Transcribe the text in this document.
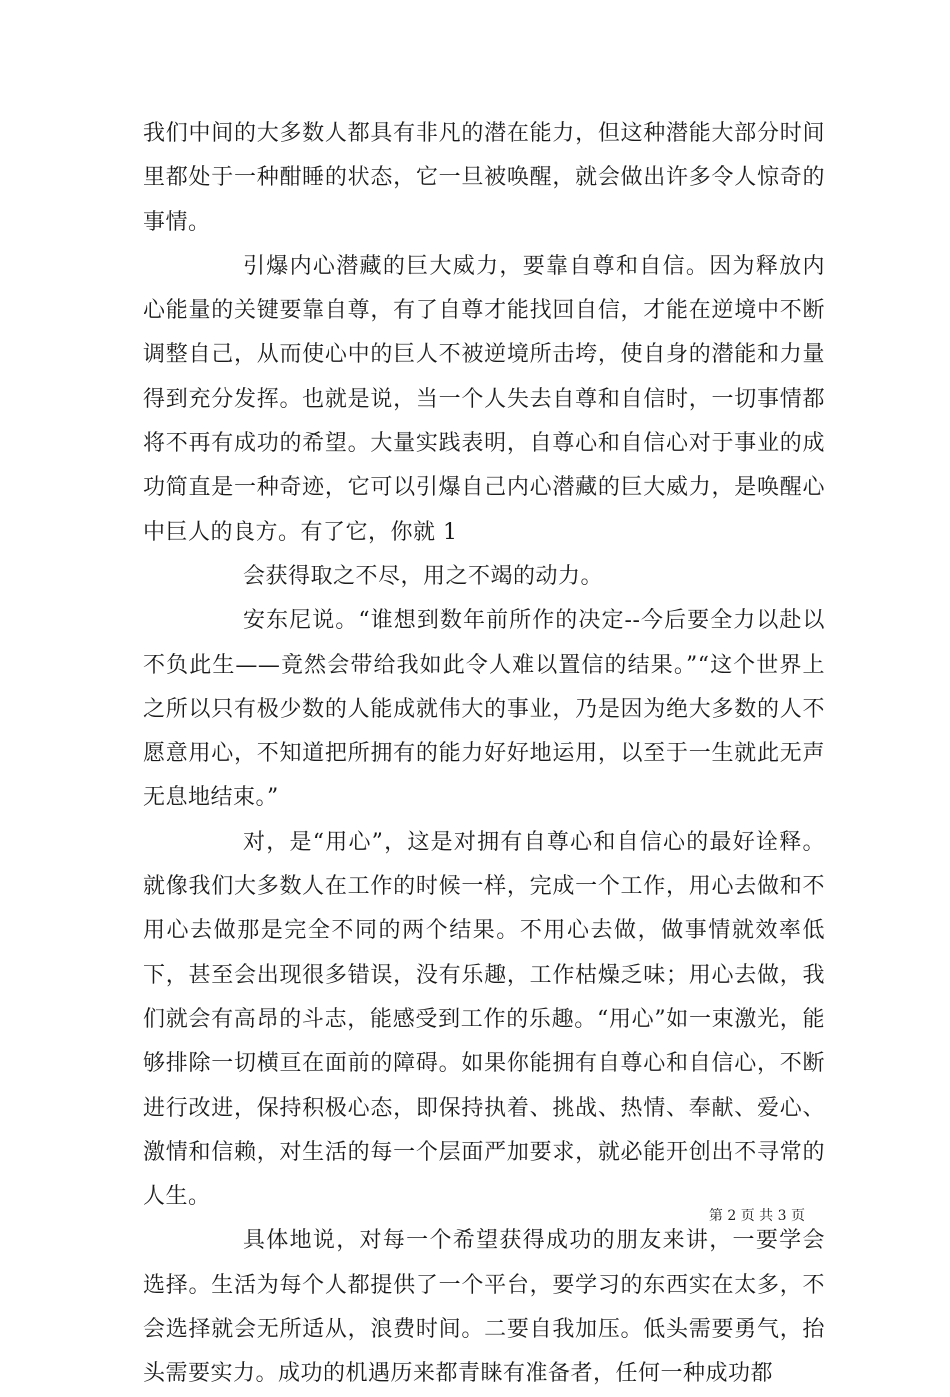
我们中间的大多数人都具有非凡的潜在能力，但这种潜能大部分时间里都处于一种酣睡的状态，它一旦被唤醒，就会做出许多令人惊奇的事情。

引爆内心潜藏的巨大威力，要靠自尊和自信。因为释放内心能量的关键要靠自尊，有了自尊才能找回自信，才能在逆境中不断调整自己，从而使心中的巨人不被逆境所击垮，使自身的潜能和力量得到充分发挥。也就是说，当一个人失去自尊和自信时，一切事情都将不再有成功的希望。大量实践表明，自尊心和自信心对于事业的成功简直是一种奇迹，它可以引爆自己内心潜藏的巨大威力，是唤醒心中巨人的良方。有了它，你就 1

会获得取之不尽，用之不竭的动力。

安东尼说。“谁想到数年前所作的决定--今后要全力以赴以不负此生——竟然会带给我如此令人难以置信的结果。”“这个世界上之所以只有极少数的人能成就伟大的事业，乃是因为绝大多数的人不愿意用心，不知道把所拥有的能力好好地运用，以至于一生就此无声无息地结束。”

对，是“用心”，这是对拥有自尊心和自信心的最好诠释。就像我们大多数人在工作的时候一样，完成一个工作，用心去做和不用心去做那是完全不同的两个结果。不用心去做，做事情就效率低下，甚至会出现很多错误，没有乐趣，工作枯燥乏味；用心去做，我们就会有高昂的斗志，能感受到工作的乐趣。“用心”如一束激光，能够排除一切横亘在面前的障碍。如果你能拥有自尊心和自信心，不断进行改进，保持积极心态，即保持执着、挑战、热情、奉献、爱心、激情和信赖，对生活的每一个层面严加要求，就必能开创出不寻常的人生。

具体地说，对每一个希望获得成功的朋友来讲，一要学会选择。生活为每个人都提供了一个平台，要学习的东西实在太多，不会选择就会无所适从，浪费时间。二要自我加压。低头需要勇气，抬头需要实力。成功的机遇历来都青睐有准备者，任何一种成功都

第 2 页 共 3 页
